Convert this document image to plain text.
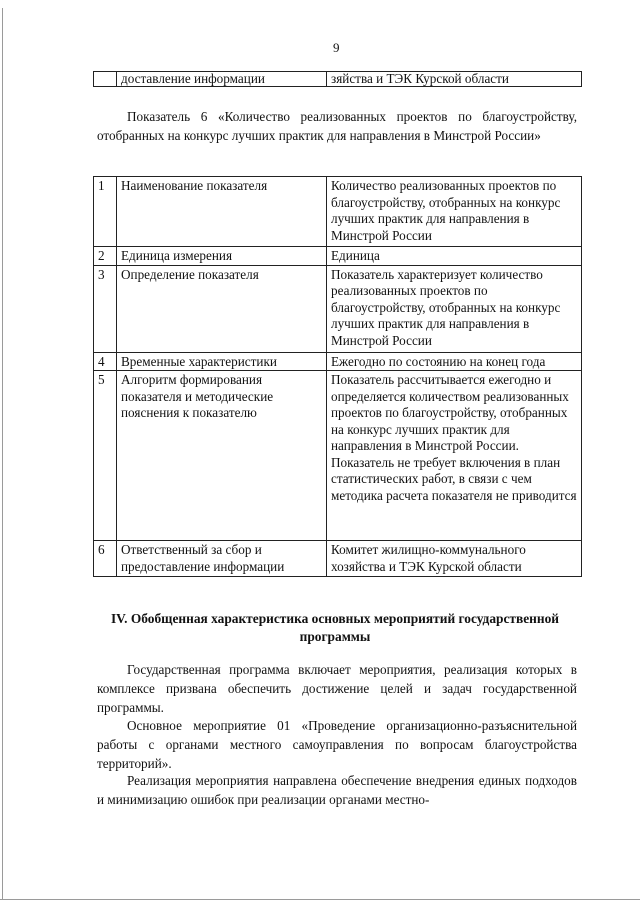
9
	доставление информации	зяйства и ТЭК Курской области
Показатель 6 «Количество реализованных проектов по благоустройству, отобранных на конкурс лучших практик для направления в Минстрой России»
1	Наименование показателя	Количество реализованных проектов по благоустройству, отобранных на конкурс лучших практик для направления в Минстрой России
2	Единица измерения	Единица
3	Определение показателя	Показатель характеризует количество реализованных проектов по благоустройству, отобранных на конкурс лучших практик для направления в Минстрой России
4	Временные характеристики	Ежегодно по состоянию на конец года
5	Алгоритм формирования показателя и методические пояснения к показателю	Показатель рассчитывается ежегодно и определяется количеством реализованных проектов по благоустройству, отобранных на конкурс лучших практик для направления в Минстрой России.
Показатель не требует включения в план статистических работ, в связи с чем методика расчета показателя не приводится

6	Ответственный за сбор и предоставление информации	Комитет жилищно-коммунального хозяйства и ТЭК Курской области
IV. Обобщенная характеристика основных мероприятий государственной программы
Государственная программа включает мероприятия, реализация которых в комплексе призвана обеспечить достижение целей и задач государственной программы.
Основное мероприятие 01 «Проведение организационно-разъяснительной работы с органами местного самоуправления по вопросам благоустройства территорий».
Реализация мероприятия направлена обеспечение внедрения единых подходов и минимизацию ошибок при реализации органами местно-
